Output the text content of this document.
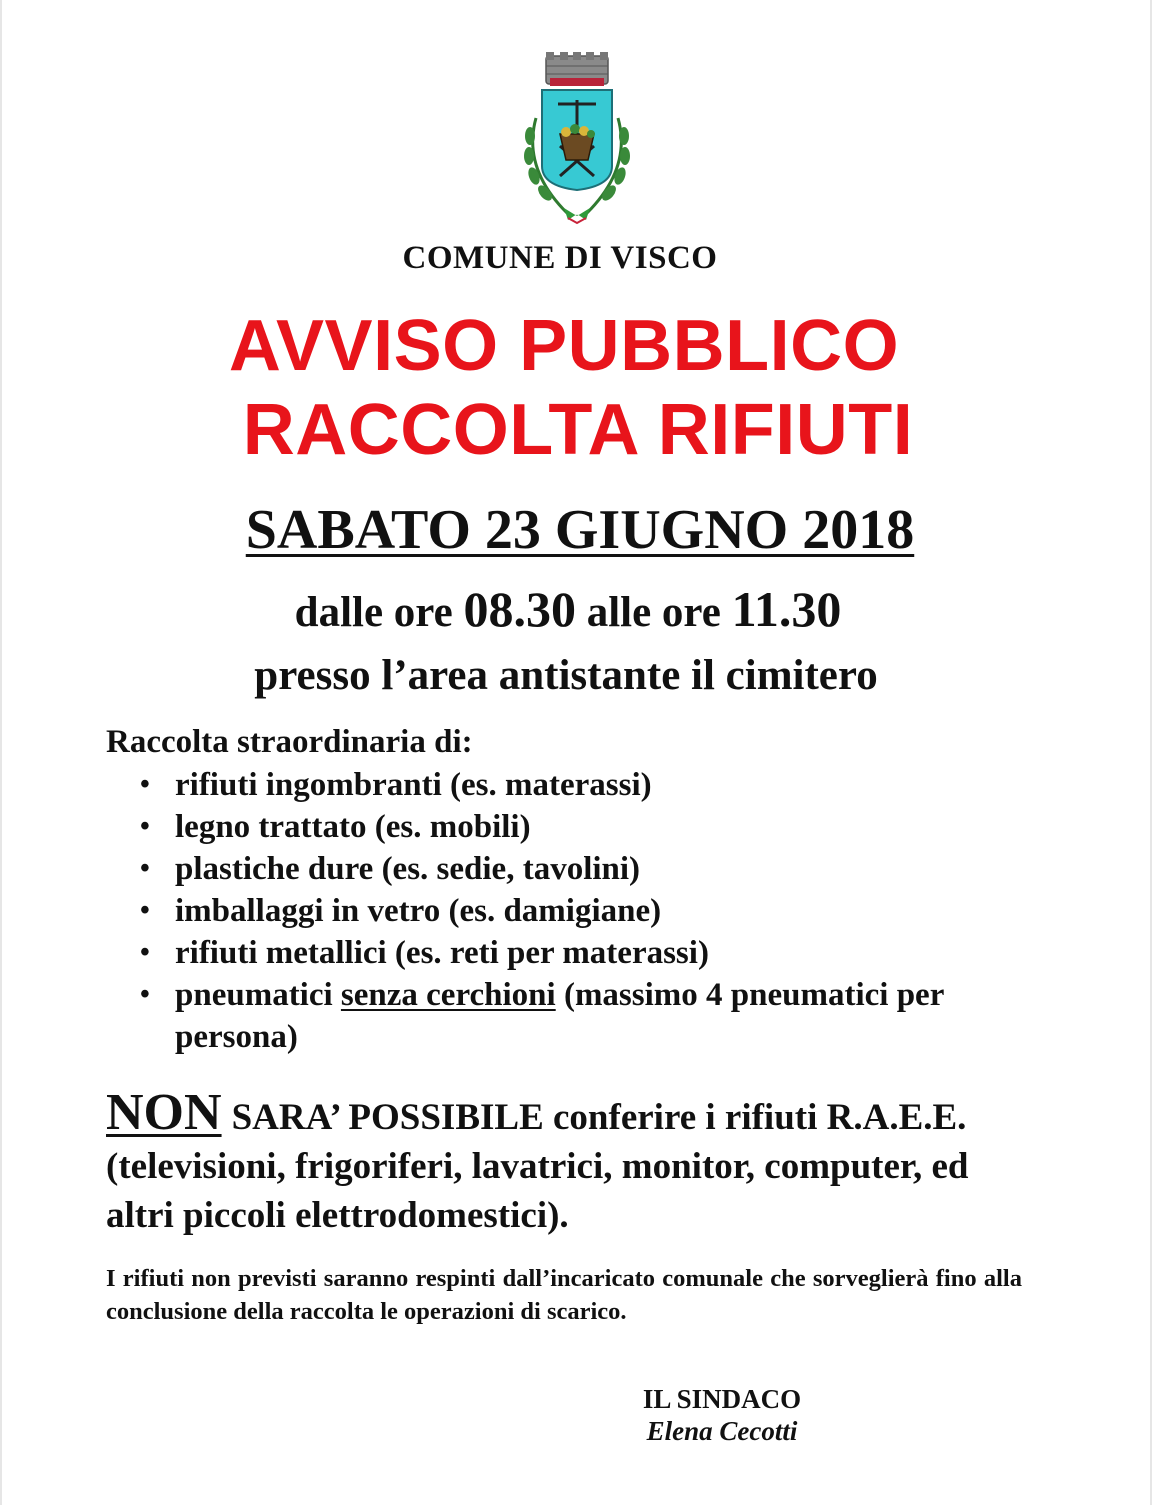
COMUNE DI VISCO
AVVISO PUBBLICO
RACCOLTA RIFIUTI
SABATO 23 GIUGNO 2018
dalle ore 08.30 alle ore 11.30
presso l’area antistante il cimitero
Raccolta straordinaria di:
• rifiuti ingombranti (es. materassi)
• legno trattato (es. mobili)
• plastiche dure (es. sedie, tavolini)
• imballaggi in vetro (es. damigiane)
• rifiuti metallici (es. reti per materassi)
• pneumatici senza cerchioni (massimo 4 pneumatici per persona)
NON SARA’ POSSIBILE conferire i rifiuti R.A.E.E. (televisioni, frigoriferi, lavatrici, monitor, computer, ed altri piccoli elettrodomestici).
I rifiuti non previsti saranno respinti dall’incaricato comunale che sorveglierà fino alla conclusione della raccolta le operazioni di scarico.
IL SINDACO
Elena Cecotti
